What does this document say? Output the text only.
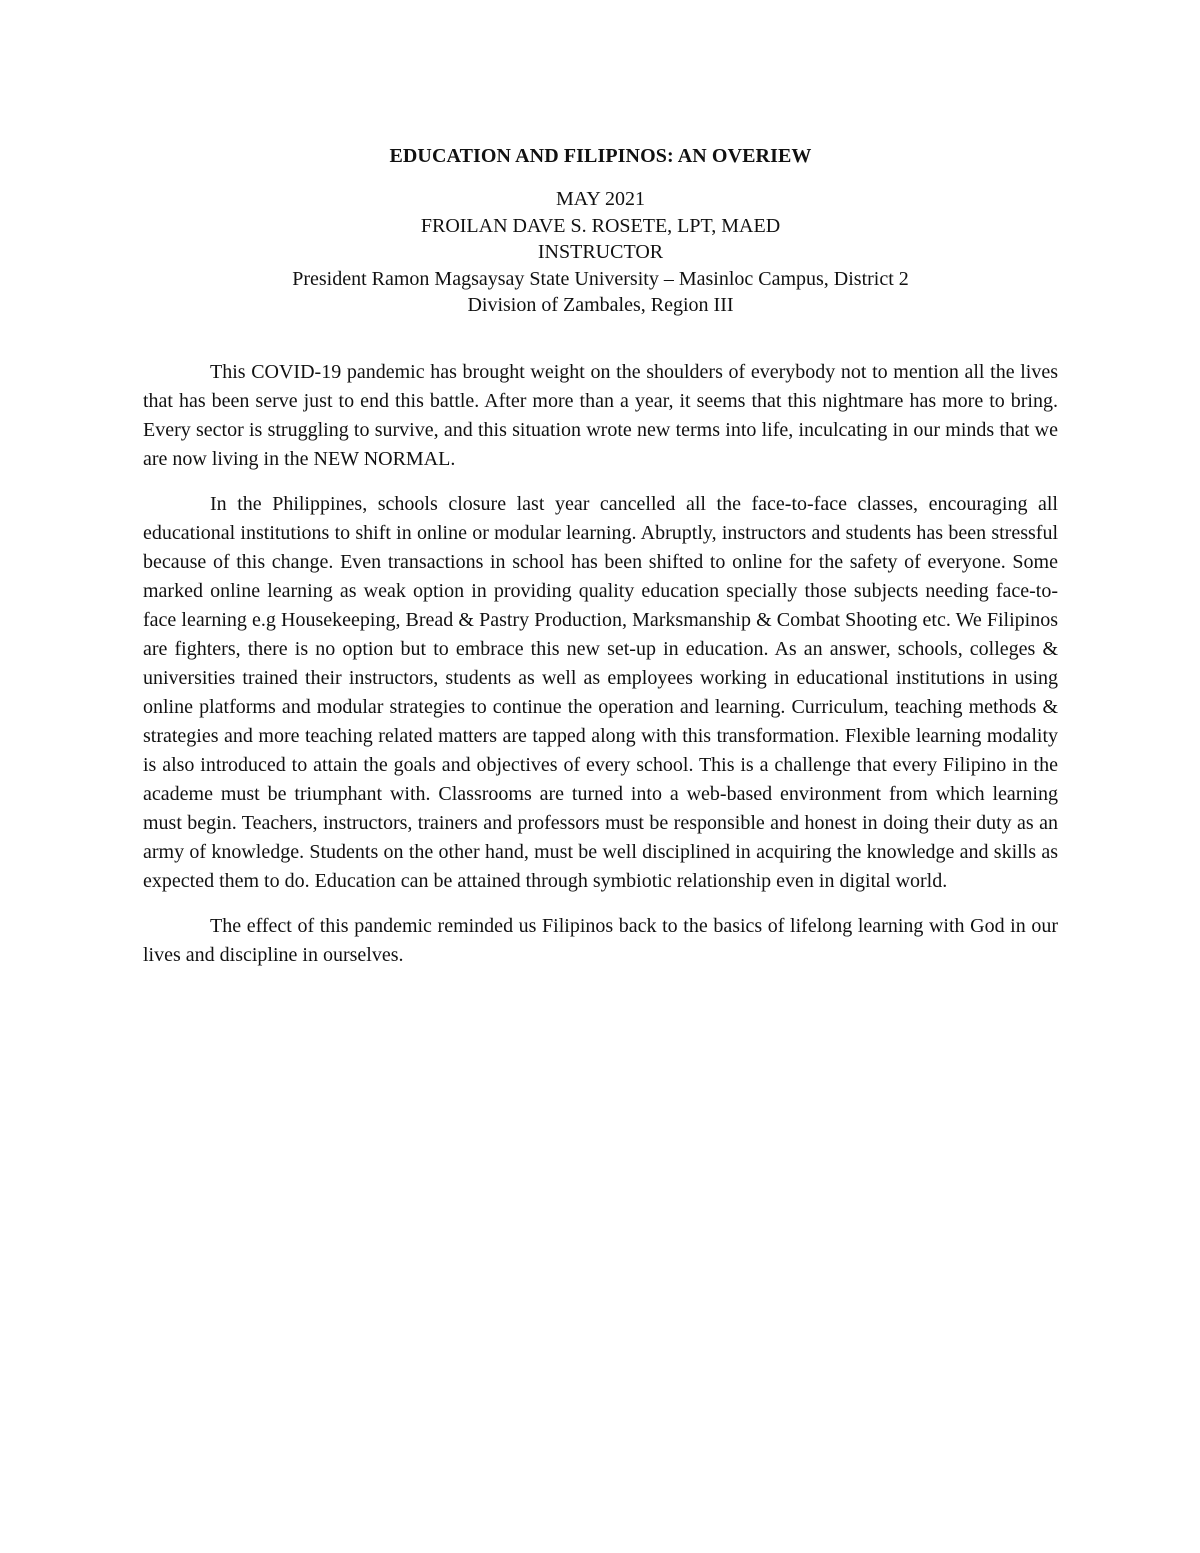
EDUCATION AND FILIPINOS: AN OVERIEW
MAY 2021
FROILAN DAVE S. ROSETE, LPT, MAED
INSTRUCTOR
President Ramon Magsaysay State University – Masinloc Campus, District 2
Division of Zambales, Region III

This COVID-19 pandemic has brought weight on the shoulders of everybody not to mention all the lives that has been serve just to end this battle. After more than a year, it seems that this nightmare has more to bring. Every sector is struggling to survive, and this situation wrote new terms into life, inculcating in our minds that we are now living in the NEW NORMAL.

In the Philippines, schools closure last year cancelled all the face-to-face classes, encouraging all educational institutions to shift in online or modular learning. Abruptly, instructors and students has been stressful because of this change. Even transactions in school has been shifted to online for the safety of everyone. Some marked online learning as weak option in providing quality education specially those subjects needing face-to-face learning e.g Housekeeping, Bread & Pastry Production, Marksmanship & Combat Shooting etc. We Filipinos are fighters, there is no option but to embrace this new set-up in education. As an answer, schools, colleges & universities trained their instructors, students as well as employees working in educational institutions in using online platforms and modular strategies to continue the operation and learning. Curriculum, teaching methods & strategies and more teaching related matters are tapped along with this transformation. Flexible learning modality is also introduced to attain the goals and objectives of every school. This is a challenge that every Filipino in the academe must be triumphant with. Classrooms are turned into a web-based environment from which learning must begin. Teachers, instructors, trainers and professors must be responsible and honest in doing their duty as an army of knowledge. Students on the other hand, must be well disciplined in acquiring the knowledge and skills as expected them to do. Education can be attained through symbiotic relationship even in digital world.

The effect of this pandemic reminded us Filipinos back to the basics of lifelong learning with God in our lives and discipline in ourselves.
